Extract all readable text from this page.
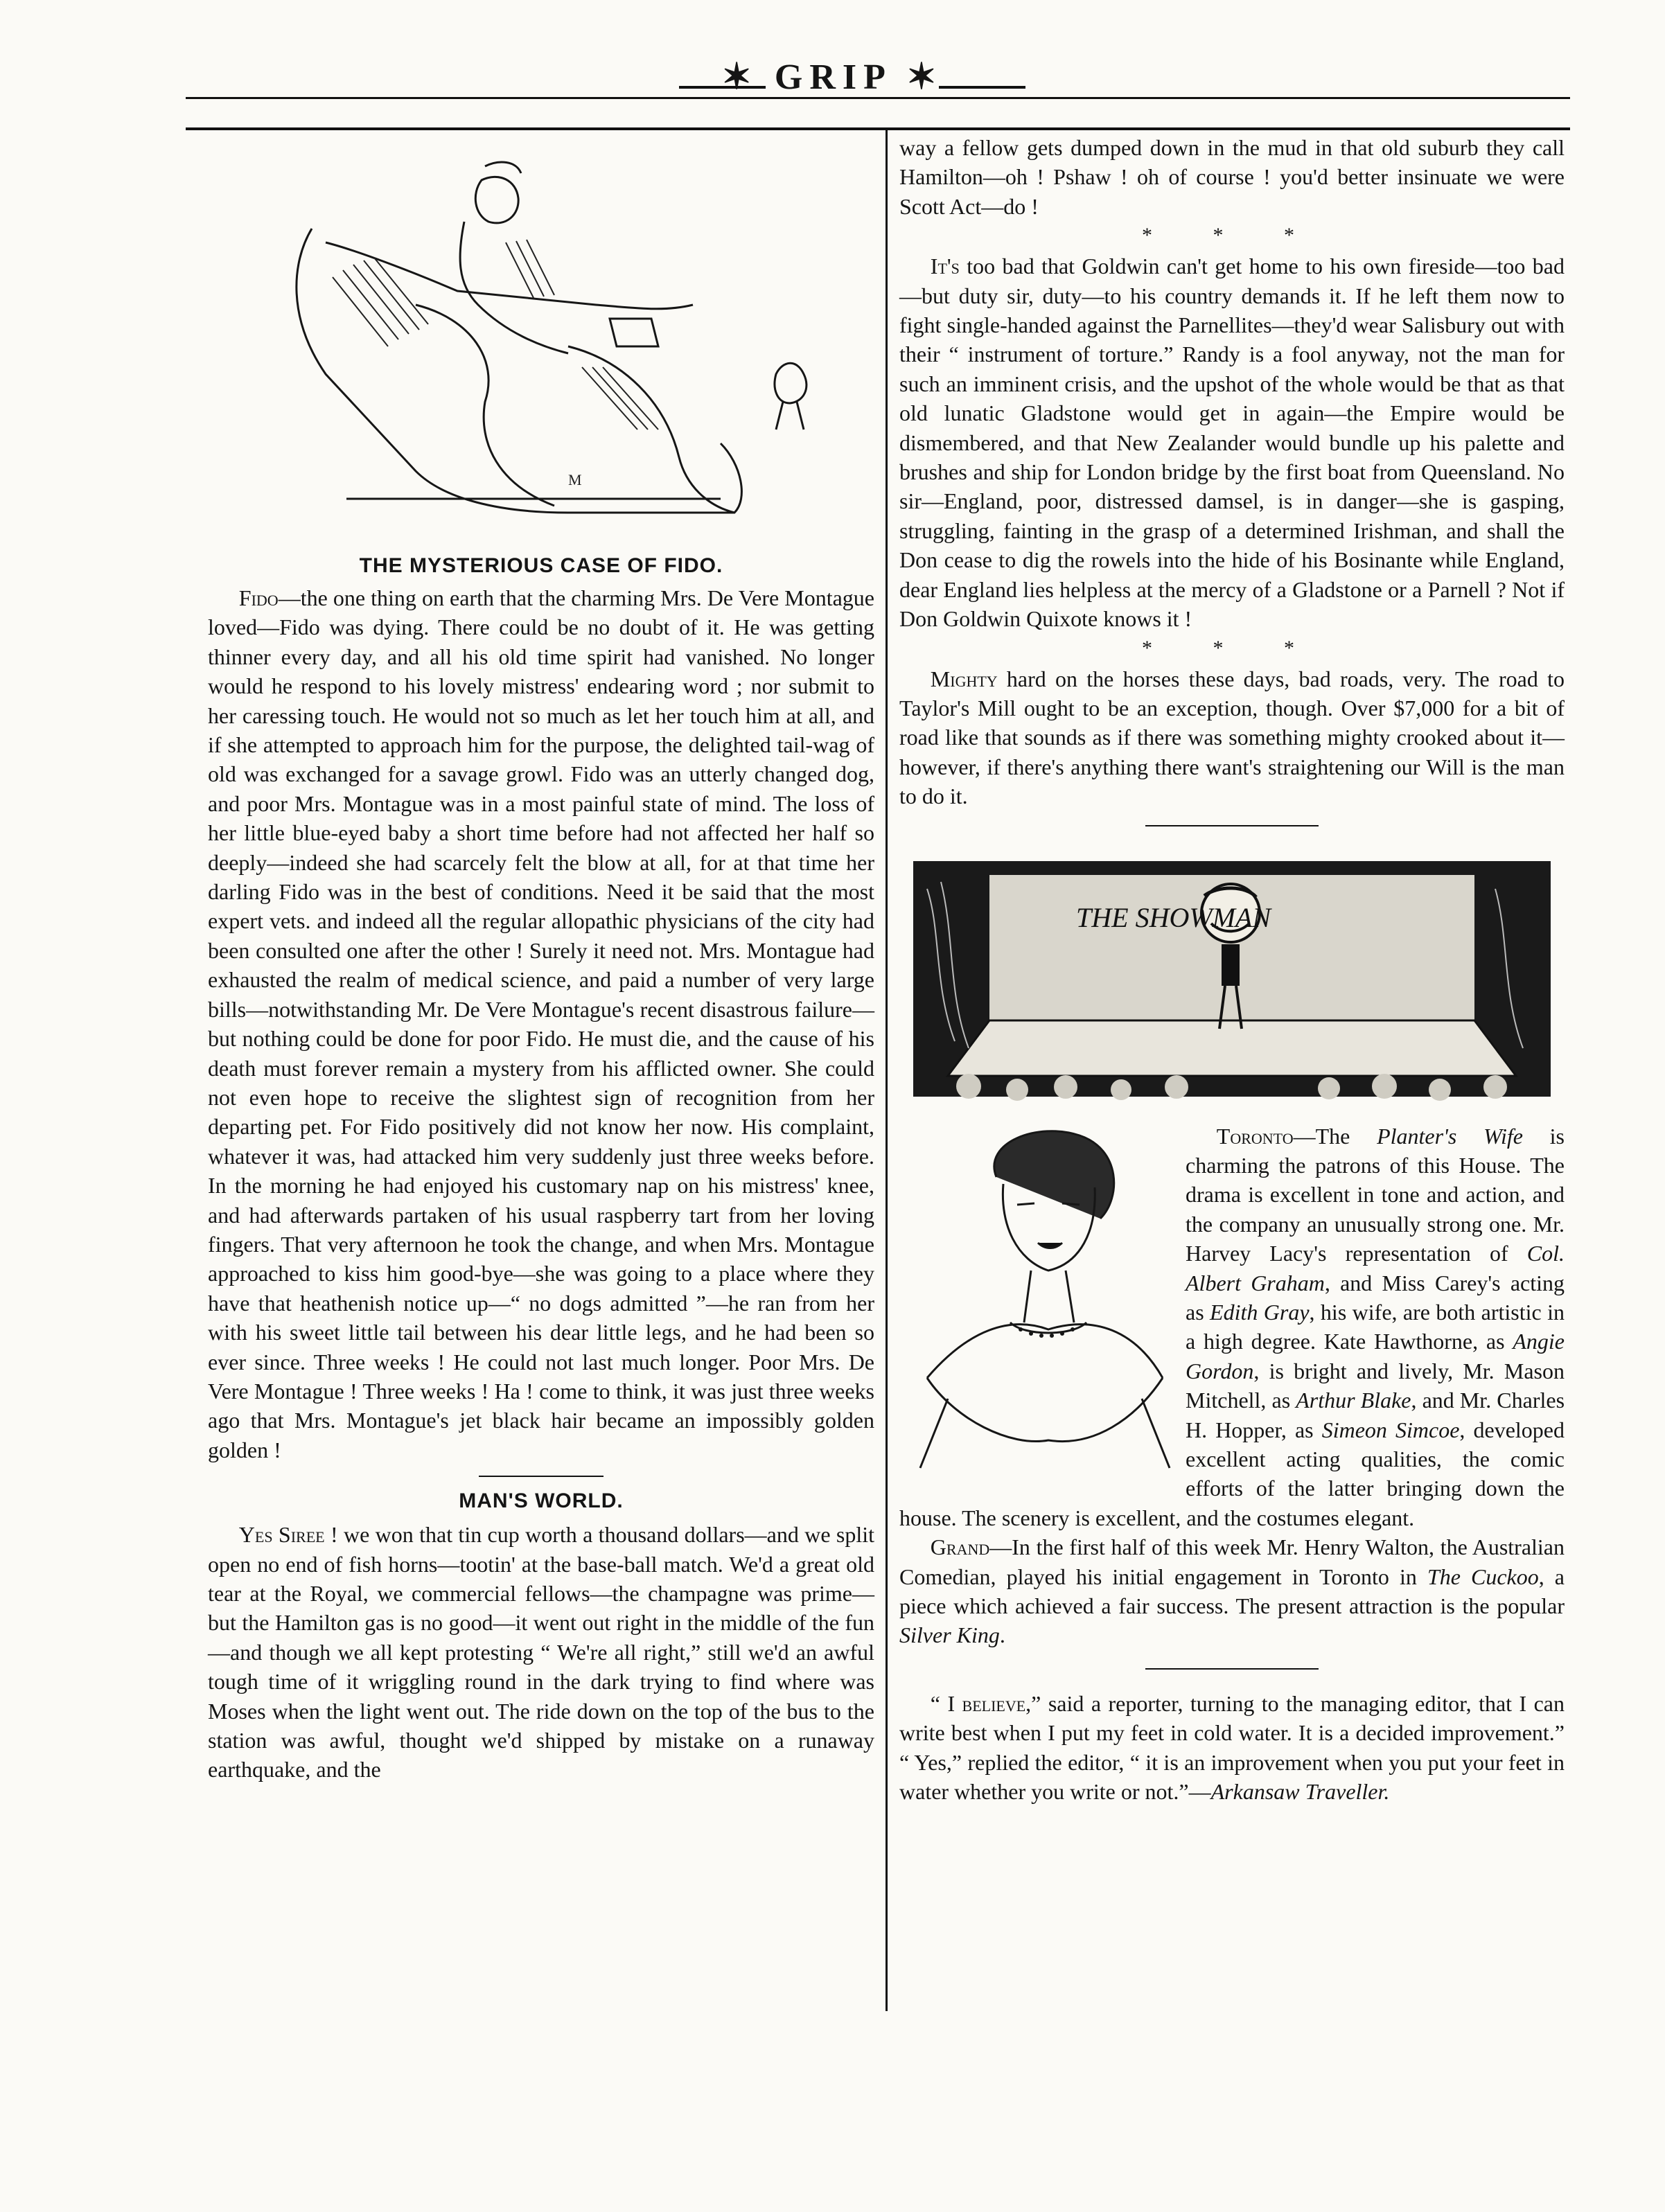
✶ GRIP ✶
M

THE MYSTERIOUS CASE OF FIDO.

Fido—the one thing on earth that the charming Mrs. De Vere Montague loved—Fido was dying. There could be no doubt of it. He was getting thinner every day, and all his old time spirit had vanished. No longer would he respond to his lovely mistress' endearing word ; nor submit to her caressing touch. He would not so much as let her touch him at all, and if she attempted to approach him for the purpose, the delighted tail-wag of old was exchanged for a savage growl. Fido was an utterly changed dog, and poor Mrs. Montague was in a most painful state of mind. The loss of her little blue-eyed baby a short time before had not affected her half so deeply—indeed she had scarcely felt the blow at all, for at that time her darling Fido was in the best of conditions. Need it be said that the most expert vets. and indeed all the regular allopathic physicians of the city had been consulted one after the other ! Surely it need not. Mrs. Montague had exhausted the realm of medical science, and paid a number of very large bills—notwithstanding Mr. De Vere Montague's recent disastrous failure—but nothing could be done for poor Fido. He must die, and the cause of his death must forever remain a mystery from his afflicted owner. She could not even hope to receive the slightest sign of recognition from her departing pet. For Fido positively did not know her now. His complaint, whatever it was, had attacked him very suddenly just three weeks before. In the morning he had enjoyed his customary nap on his mistress' knee, and had afterwards partaken of his usual raspberry tart from her loving fingers. That very afternoon he took the change, and when Mrs. Montague approached to kiss him good-bye—she was going to a place where they have that heathenish notice up—“ no dogs admitted ”—he ran from her with his sweet little tail between his dear little legs, and he had been so ever since. Three weeks ! He could not last much longer. Poor Mrs. De Vere Montague ! Three weeks ! Ha ! come to think, it was just three weeks ago that Mrs. Montague's jet black hair became an impossibly golden golden !

MAN'S WORLD.

Yes Siree ! we won that tin cup worth a thousand dollars—and we split open no end of fish horns—tootin' at the base-ball match. We'd a great old tear at the Royal, we commercial fellows—the champagne was prime—but the Hamilton gas is no good—it went out right in the middle of the fun—and though we all kept protesting “ We're all right,” still we'd an awful tough time of it wriggling round in the dark trying to find where was Moses when the light went out. The ride down on the top of the bus to the station was awful, thought we'd shipped by mistake on a runaway earthquake, and the

way a fellow gets dumped down in the mud in that old suburb they call Hamilton—oh ! Pshaw ! oh of course ! you'd better insinuate we were Scott Act—do !

* * *

It's too bad that Goldwin can't get home to his own fireside—too bad—but duty sir, duty—to his country demands it. If he left them now to fight single-handed against the Parnellites—they'd wear Salisbury out with their “ instrument of torture.” Randy is a fool anyway, not the man for such an imminent crisis, and the upshot of the whole would be that as that old lunatic Gladstone would get in again—the Empire would be dismembered, and that New Zealander would bundle up his palette and brushes and ship for London bridge by the first boat from Queensland. No sir—England, poor, distressed damsel, is in danger—she is gasping, struggling, fainting in the grasp of a determined Irishman, and shall the Don cease to dig the rowels into the hide of his Bosinante while England, dear England lies helpless at the mercy of a Gladstone or a Parnell ? Not if Don Goldwin Quixote knows it !

* * *

Mighty hard on the horses these days, bad roads, very. The road to Taylor's Mill ought to be an exception, though. Over $7,000 for a bit of road like that sounds as if there was something mighty crooked about it—however, if there's anything there want's straightening our Will is the man to do it.

THE SHOWMAN

Toronto—The Planter's Wife is charming the patrons of this House. The drama is excellent in tone and action, and the company an unusually strong one. Mr. Harvey Lacy's representation of Col. Albert Graham, and Miss Carey's acting as Edith Gray, his wife, are both artistic in a high degree. Kate Hawthorne, as Angie Gordon, is bright and lively, Mr. Mason Mitchell, as Arthur Blake, and Mr. Charles H. Hopper, as Simeon Simcoe, developed excellent acting qualities, the comic efforts of the latter bringing down the house. The scenery is excellent, and the costumes elegant.

Grand—In the first half of this week Mr. Henry Walton, the Australian Comedian, played his initial engagement in Toronto in The Cuckoo, a piece which achieved a fair success. The present attraction is the popular Silver King.

“ I believe,” said a reporter, turning to the managing editor, that I can write best when I put my feet in cold water. It is a decided improvement.” “ Yes,” replied the editor, “ it is an improvement when you put your feet in water whether you write or not.”—Arkansaw Traveller.
